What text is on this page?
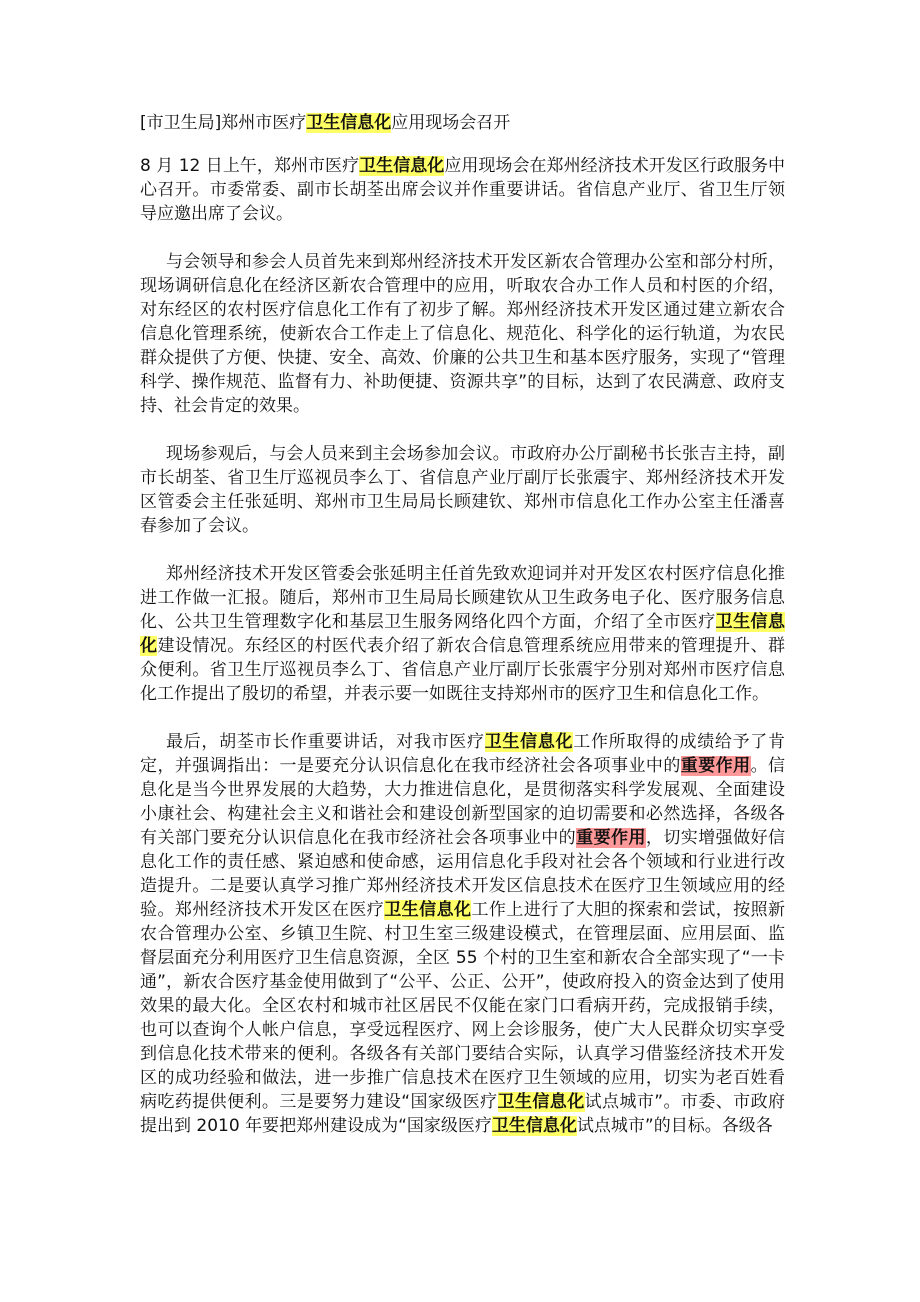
[市卫生局]郑州市医疗卫生信息化应用现场会召开
8 月 12 日上午，郑州市医疗卫生信息化应用现场会在郑州经济技术开发区行政服务中心召开。市委常委、副市长胡荃出席会议并作重要讲话。省信息产业厅、省卫生厅领导应邀出席了会议。
与会领导和参会人员首先来到郑州经济技术开发区新农合管理办公室和部分村所，现场调研信息化在经济区新农合管理中的应用，听取农合办工作人员和村医的介绍，对东经区的农村医疗信息化工作有了初步了解。郑州经济技术开发区通过建立新农合信息化管理系统，使新农合工作走上了信息化、规范化、科学化的运行轨道，为农民群众提供了方便、快捷、安全、高效、价廉的公共卫生和基本医疗服务，实现了“管理科学、操作规范、监督有力、补助便捷、资源共享”的目标，达到了农民满意、政府支持、社会肯定的效果。
现场参观后，与会人员来到主会场参加会议。市政府办公厅副秘书长张吉主持，副市长胡荃、省卫生厅巡视员李么丁、省信息产业厅副厅长张震宇、郑州经济技术开发区管委会主任张延明、郑州市卫生局局长顾建钦、郑州市信息化工作办公室主任潘喜春参加了会议。
郑州经济技术开发区管委会张延明主任首先致欢迎词并对开发区农村医疗信息化推进工作做一汇报。随后，郑州市卫生局局长顾建钦从卫生政务电子化、医疗服务信息化、公共卫生管理数字化和基层卫生服务网络化四个方面，介绍了全市医疗卫生信息化建设情况。东经区的村医代表介绍了新农合信息管理系统应用带来的管理提升、群众便利。省卫生厅巡视员李么丁、省信息产业厅副厅长张震宇分别对郑州市医疗信息化工作提出了殷切的希望，并表示要一如既往支持郑州市的医疗卫生和信息化工作。
最后，胡荃市长作重要讲话，对我市医疗卫生信息化工作所取得的成绩给予了肯定，并强调指出：一是要充分认识信息化在我市经济社会各项事业中的重要作用。信息化是当今世界发展的大趋势，大力推进信息化，是贯彻落实科学发展观、全面建设小康社会、构建社会主义和谐社会和建设创新型国家的迫切需要和必然选择，各级各有关部门要充分认识信息化在我市经济社会各项事业中的重要作用，切实增强做好信息化工作的责任感、紧迫感和使命感，运用信息化手段对社会各个领域和行业进行改造提升。二是要认真学习推广郑州经济技术开发区信息技术在医疗卫生领域应用的经验。郑州经济技术开发区在医疗卫生信息化工作上进行了大胆的探索和尝试，按照新农合管理办公室、乡镇卫生院、村卫生室三级建设模式，在管理层面、应用层面、监督层面充分利用医疗卫生信息资源，全区 55 个村的卫生室和新农合全部实现了“一卡通”，新农合医疗基金使用做到了“公平、公正、公开”，使政府投入的资金达到了使用效果的最大化。全区农村和城市社区居民不仅能在家门口看病开药，完成报销手续，也可以查询个人帐户信息，享受远程医疗、网上会诊服务，使广大人民群众切实享受到信息化技术带来的便利。各级各有关部门要结合实际，认真学习借鉴经济技术开发区的成功经验和做法，进一步推广信息技术在医疗卫生领域的应用，切实为老百姓看病吃药提供便利。三是要努力建设“国家级医疗卫生信息化试点城市”。市委、市政府提出到 2010 年要把郑州建设成为“国家级医疗卫生信息化试点城市”的目标。各级各
